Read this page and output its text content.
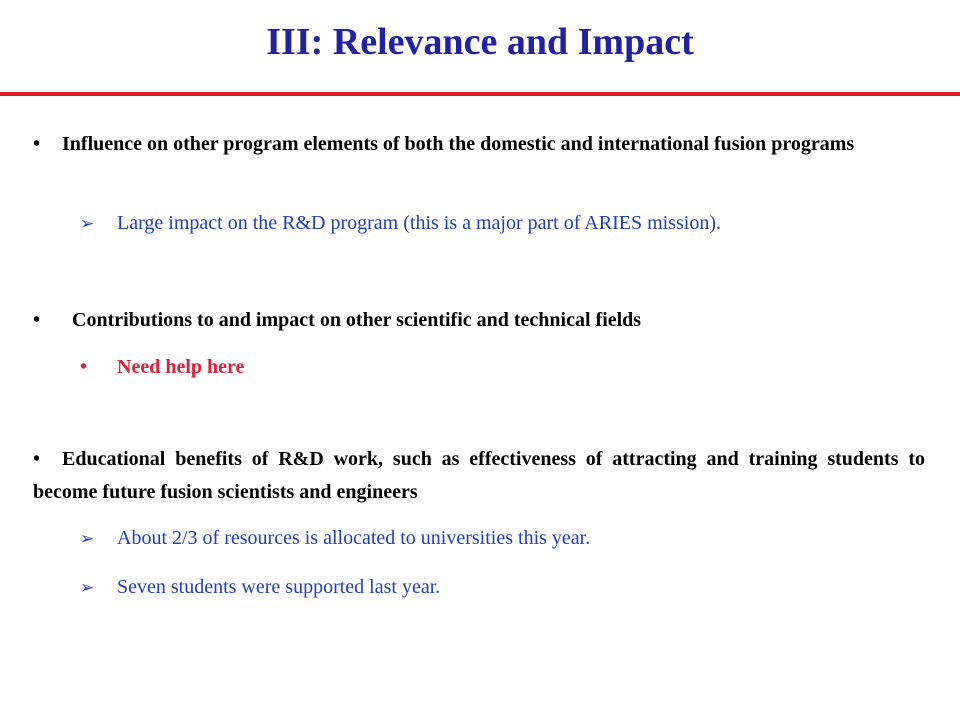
III: Relevance and Impact
• Influence on other program elements of both the domestic and international fusion programs
➢ Large impact on the R&D program (this is a major part of ARIES mission).
• Contributions to and impact on other scientific and technical fields
• Need help here
• Educational benefits of R&D work, such as effectiveness of attracting and training students to become future fusion scientists and engineers
➢ About 2/3 of resources is allocated to universities this year.
➢ Seven students were supported last year.
